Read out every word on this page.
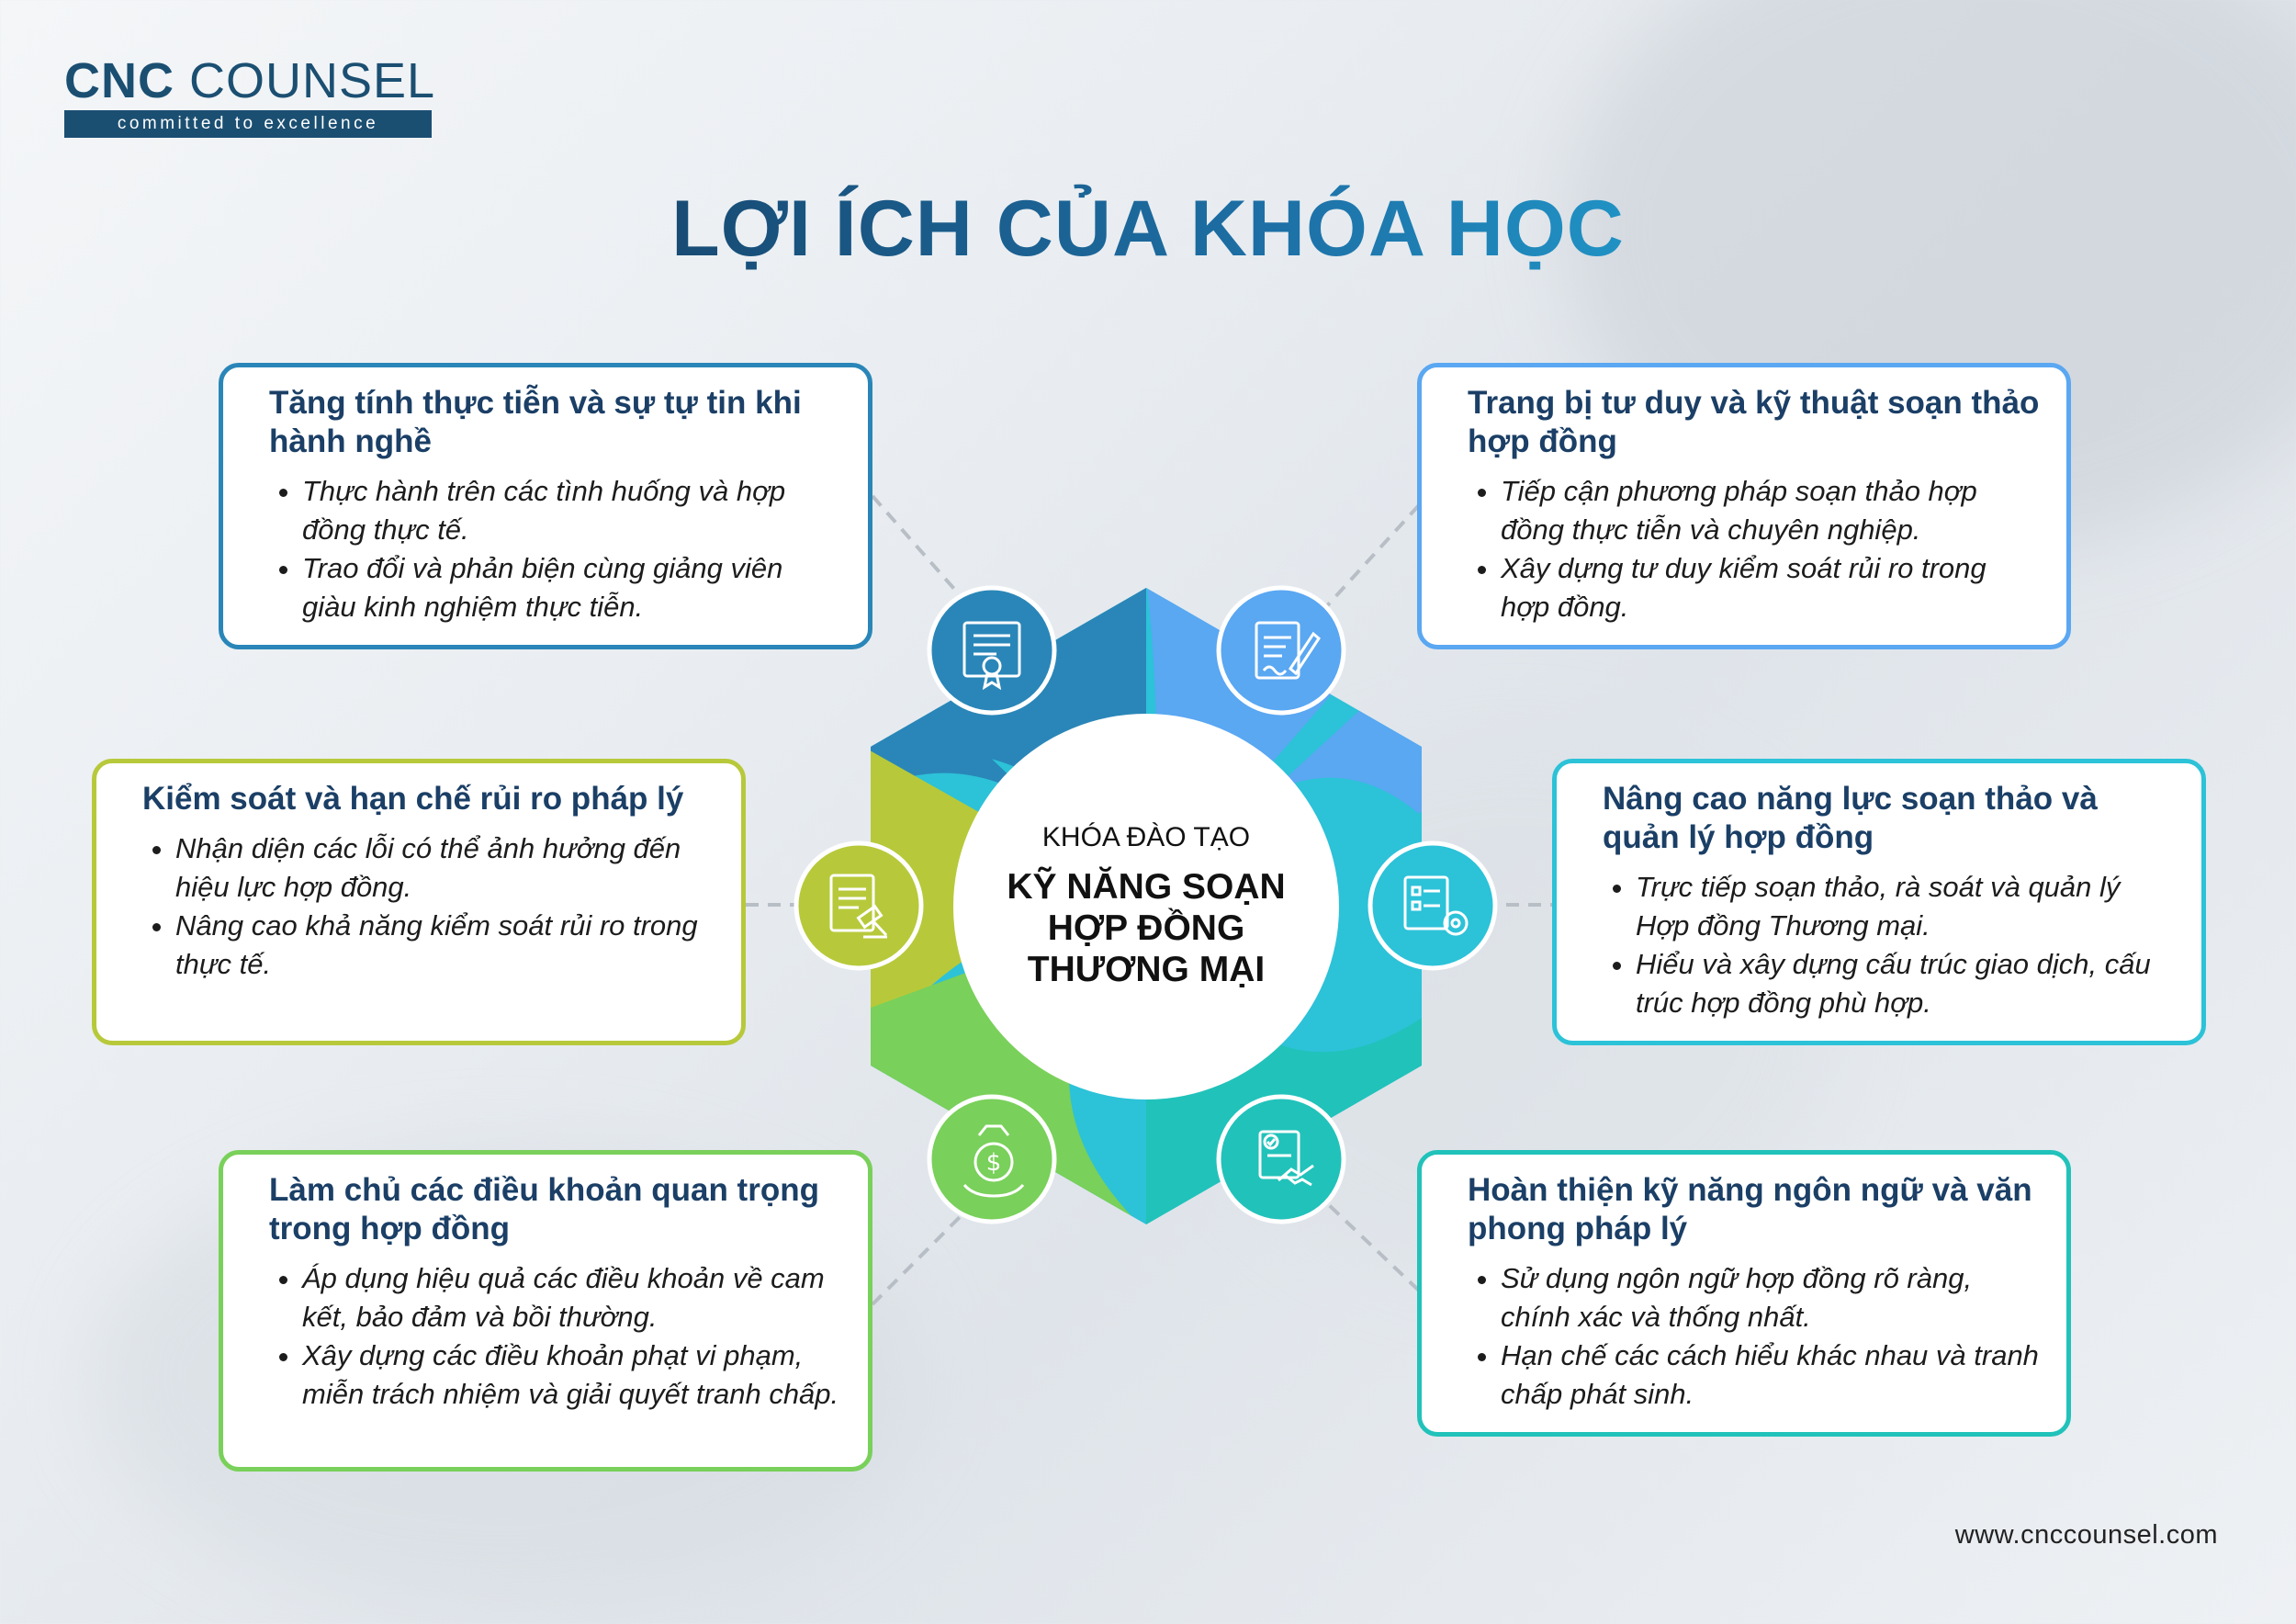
CNC COUNSEL
committed to excellence
LỢI ÍCH CỦA KHÓA HỌC
$
KHÓA ĐÀO TẠO
KỸ NĂNG SOẠN
HỢP ĐỒNG
THƯƠNG MẠI
Tăng tính thực tiễn và sự tự tin khi hành nghề
• Thực hành trên các tình huống và hợp đồng thực tế.
• Trao đổi và phản biện cùng giảng viên giàu kinh nghiệm thực tiễn.
Trang bị tư duy và kỹ thuật soạn thảo hợp đồng
• Tiếp cận phương pháp soạn thảo hợp đồng thực tiễn và chuyên nghiệp.
• Xây dựng tư duy kiểm soát rủi ro trong hợp đồng.
Kiểm soát và hạn chế rủi ro pháp lý
• Nhận diện các lỗi có thể ảnh hưởng đến hiệu lực hợp đồng.
• Nâng cao khả năng kiểm soát rủi ro trong thực tế.
Nâng cao năng lực soạn thảo và quản lý hợp đồng
• Trực tiếp soạn thảo, rà soát và quản lý Hợp đồng Thương mại.
• Hiểu và xây dựng cấu trúc giao dịch, cấu trúc hợp đồng phù hợp.
Làm chủ các điều khoản quan trọng trong hợp đồng
• Áp dụng hiệu quả các điều khoản về cam kết, bảo đảm và bồi thường.
• Xây dựng các điều khoản phạt vi phạm, miễn trách nhiệm và giải quyết tranh chấp.
Hoàn thiện kỹ năng ngôn ngữ và văn phong pháp lý
• Sử dụng ngôn ngữ hợp đồng rõ ràng, chính xác và thống nhất.
• Hạn chế các cách hiểu khác nhau và tranh chấp phát sinh.
www.cnccounsel.com
